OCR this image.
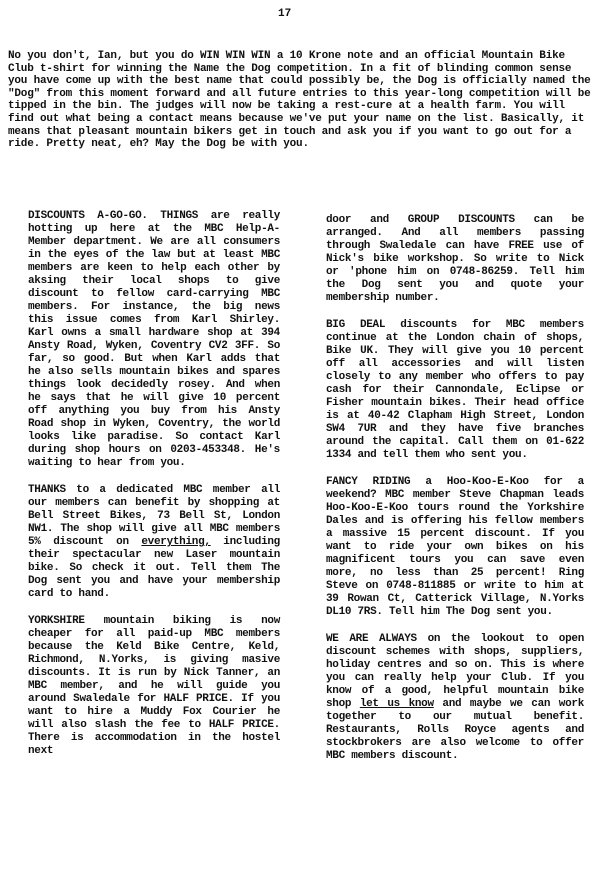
17
No you don't, Ian, but you do WIN WIN WIN a 10 Krone note and an official Mountain Bike Club t-shirt for winning the Name the Dog competition. In a fit of blinding common sense you have come up with the best name that could possibly be, the Dog is officially named the "Dog" from this moment forward and all future entries to this year-long competition will be tipped in the bin. The judges will now be taking a rest-cure at a health farm. You will find out what being a contact means because we've put your name on the list. Basically, it means that pleasant mountain bikers get in touch and ask you if you want to go out for a ride. Pretty neat, eh? May the Dog be with you.

DISCOUNTS A-GO-GO. THINGS are really hotting up here at the MBC Help-A-Member department. We are all consumers in the eyes of the law but at least MBC members are keen to help each other by aksing their local shops to give discount to fellow card-carrying MBC members. For instance, the big news this issue comes from Karl Shirley. Karl owns a small hardware shop at 394 Ansty Road, Wyken, Coventry CV2 3FF. So far, so good. But when Karl adds that he also sells mountain bikes and spares things look decidedly rosey. And when he says that he will give 10 percent off anything you buy from his Ansty Road shop in Wyken, Coventry, the world looks like paradise. So contact Karl during shop hours on 0203-453348. He's waiting to hear from you.

THANKS to a dedicated MBC member all our members can benefit by shopping at Bell Street Bikes, 73 Bell St, London NW1. The shop will give all MBC members 5% discount on everything, including their spectacular new Laser mountain bike. So check it out. Tell them The Dog sent you and have your membership card to hand.

YORKSHIRE mountain biking is now cheaper for all paid-up MBC members because the Keld Bike Centre, Keld, Richmond, N.Yorks, is giving masive discounts. It is run by Nick Tanner, an MBC member, and he will guide you around Swaledale for HALF PRICE. If you want to hire a Muddy Fox Courier he will also slash the fee to HALF PRICE. There is accommodation in the hostel next

door and GROUP DISCOUNTS can be arranged. And all members passing through Swaledale can have FREE use of Nick's bike workshop. So write to Nick or 'phone him on 0748-86259. Tell him the Dog sent you and quote your membership number.

BIG DEAL discounts for MBC members continue at the London chain of shops, Bike UK. They will give you 10 percent off all accessories and will listen closely to any member who offers to pay cash for their Cannondale, Eclipse or Fisher mountain bikes. Their head office is at 40-42 Clapham High Street, London SW4 7UR and they have five branches around the capital. Call them on 01-622 1334 and tell them who sent you.

FANCY RIDING a Hoo-Koo-E-Koo for a weekend? MBC member Steve Chapman leads Hoo-Koo-E-Koo tours round the Yorkshire Dales and is offering his fellow members a massive 15 percent discount. If you want to ride your own bikes on his magnificent tours you can save even more, no less than 25 percent! Ring Steve on 0748-811885 or write to him at 39 Rowan Ct, Catterick Village, N.Yorks DL10 7RS. Tell him The Dog sent you.

WE ARE ALWAYS on the lookout to open discount schemes with shops, suppliers, holiday centres and so on. This is where you can really help your Club. If you know of a good, helpful mountain bike shop let us know and maybe we can work together to our mutual benefit. Restaurants, Rolls Royce agents and stockbrokers are also welcome to offer MBC members discount.
